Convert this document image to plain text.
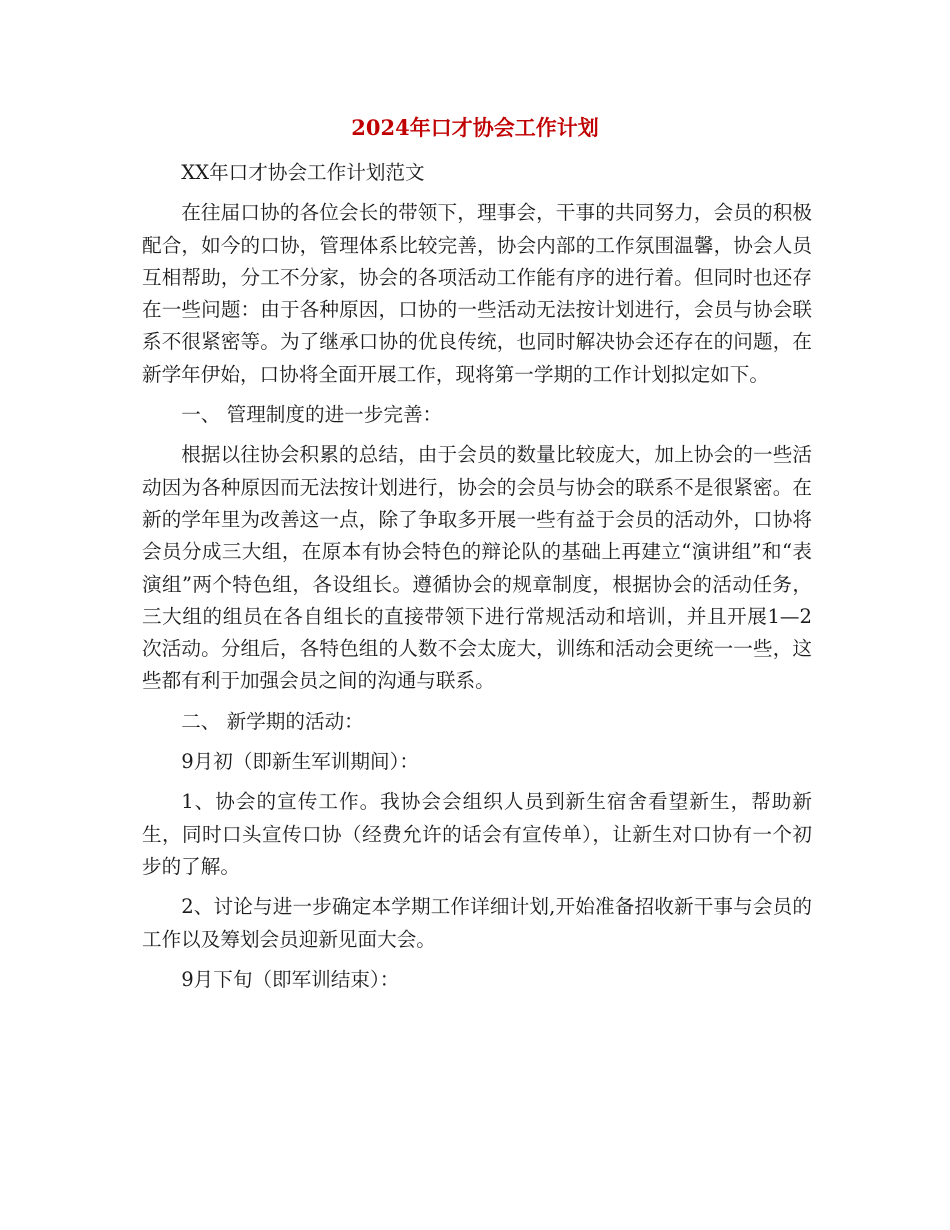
2024年口才协会工作计划

XX年口才协会工作计划范文

在往届口协的各位会长的带领下，理事会，干事的共同努力，会员的积极配合，如今的口协，管理体系比较完善，协会内部的工作氛围温馨，协会人员互相帮助，分工不分家，协会的各项活动工作能有序的进行着。但同时也还存在一些问题：由于各种原因，口协的一些活动无法按计划进行，会员与协会联系不很紧密等。为了继承口协的优良传统，也同时解决协会还存在的问题，在新学年伊始，口协将全面开展工作，现将第一学期的工作计划拟定如下。

一、 管理制度的进一步完善：

根据以往协会积累的总结，由于会员的数量比较庞大，加上协会的一些活动因为各种原因而无法按计划进行，协会的会员与协会的联系不是很紧密。在新的学年里为改善这一点，除了争取多开展一些有益于会员的活动外，口协将会员分成三大组，在原本有协会特色的辩论队的基础上再建立“演讲组”和“表演组”两个特色组，各设组长。遵循协会的规章制度，根据协会的活动任务，三大组的组员在各自组长的直接带领下进行常规活动和培训，并且开展1—2次活动。分组后，各特色组的人数不会太庞大，训练和活动会更统一一些，这些都有利于加强会员之间的沟通与联系。

二、 新学期的活动：

9月初（即新生军训期间）：

1、协会的宣传工作。我协会会组织人员到新生宿舍看望新生，帮助新生，同时口头宣传口协（经费允许的话会有宣传单），让新生对口协有一个初步的了解。

2、讨论与进一步确定本学期工作详细计划,开始准备招收新干事与会员的工作以及筹划会员迎新见面大会。

9月下旬（即军训结束）：
